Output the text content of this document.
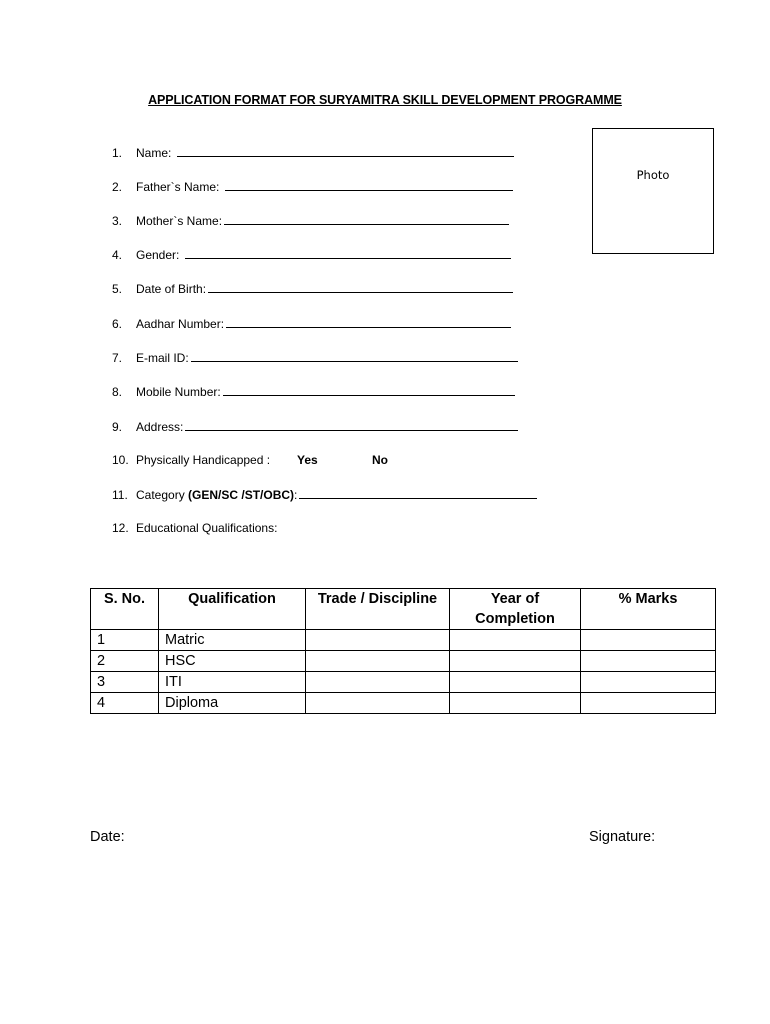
APPLICATION FORMAT FOR SURYAMITRA SKILL DEVELOPMENT PROGRAMME
Photo
1. Name:
2. Father`s Name:
3. Mother`s Name:
4. Gender:
5. Date of Birth:
6. Aadhar Number:
7. E-mail ID:
8. Mobile Number:
9. Address:
10. Physically Handicapped : Yes	No
11. Category (GEN/SC /ST/OBC):
12. Educational Qualifications:
S. No.	Qualification	Trade / Discipline	Year of Completion	% Marks
1	Matric			
2	HSC			
3	ITI			
4	Diploma			
Date:	Signature:
